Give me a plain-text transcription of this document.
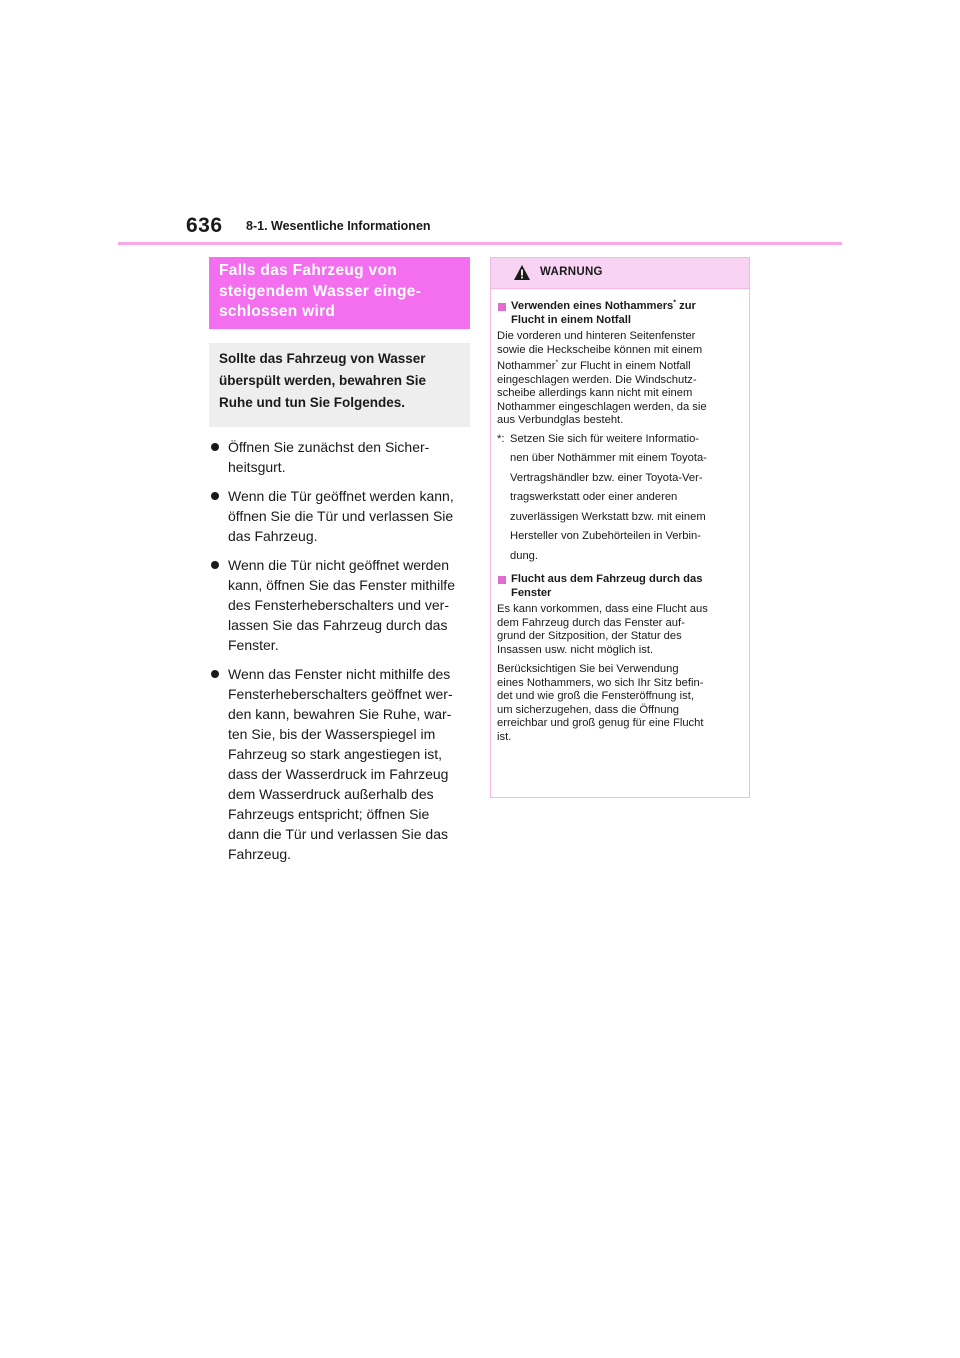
636 8-1. Wesentliche Informationen
Falls das Fahrzeug von
steigendem Wasser einge-
schlossen wird
Sollte das Fahrzeug von Wasser
überspült werden, bewahren Sie
Ruhe und tun Sie Folgendes.
Öffnen Sie zunächst den Sicher-
heitsgurt.
Wenn die Tür geöffnet werden kann,
öffnen Sie die Tür und verlassen Sie
das Fahrzeug.
Wenn die Tür nicht geöffnet werden
kann, öffnen Sie das Fenster mithilfe
des Fensterheberschalters und ver-
lassen Sie das Fahrzeug durch das
Fenster.
Wenn das Fenster nicht mithilfe des
Fensterheberschalters geöffnet wer-
den kann, bewahren Sie Ruhe, war-
ten Sie, bis der Wasserspiegel im
Fahrzeug so stark angestiegen ist,
dass der Wasserdruck im Fahrzeug
dem Wasserdruck außerhalb des
Fahrzeugs entspricht; öffnen Sie
dann die Tür und verlassen Sie das
Fahrzeug.
WARNUNG
Verwenden eines Nothammers* zur
Flucht in einem Notfall
Die vorderen und hinteren Seitenfenster
sowie die Heckscheibe können mit einem
Nothammer* zur Flucht in einem Notfall
eingeschlagen werden. Die Windschutz-
scheibe allerdings kann nicht mit einem
Nothammer eingeschlagen werden, da sie
aus Verbundglas besteht.
*: Setzen Sie sich für weitere Informatio-
nen über Nothämmer mit einem Toyota-
Vertragshändler bzw. einer Toyota-Ver-
tragswerkstatt oder einer anderen
zuverlässigen Werkstatt bzw. mit einem
Hersteller von Zubehörteilen in Verbin-
dung.
Flucht aus dem Fahrzeug durch das
Fenster
Es kann vorkommen, dass eine Flucht aus
dem Fahrzeug durch das Fenster auf-
grund der Sitzposition, der Statur des
Insassen usw. nicht möglich ist.
Berücksichtigen Sie bei Verwendung
eines Nothammers, wo sich Ihr Sitz befin-
det und wie groß die Fensteröffnung ist,
um sicherzugehen, dass die Öffnung
erreichbar und groß genug für eine Flucht
ist.
